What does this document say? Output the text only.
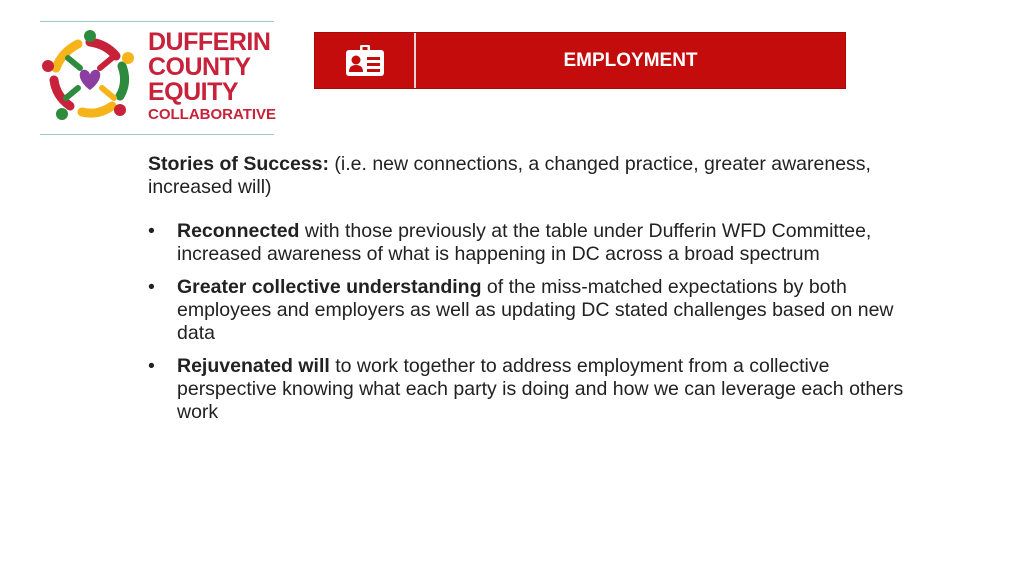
DUFFERIN
COUNTY
EQUITY
COLLABORATIVE
EMPLOYMENT

Stories of Success: (i.e. new connections, a changed practice, greater awareness, increased will)

• Reconnected with those previously at the table under Dufferin WFD Committee, increased awareness of what is happening in DC across a broad spectrum
• Greater collective understanding of the miss-matched expectations by both employees and employers as well as updating DC stated challenges based on new data
• Rejuvenated will to work together to address employment from a collective perspective knowing what each party is doing and how we can leverage each others work
